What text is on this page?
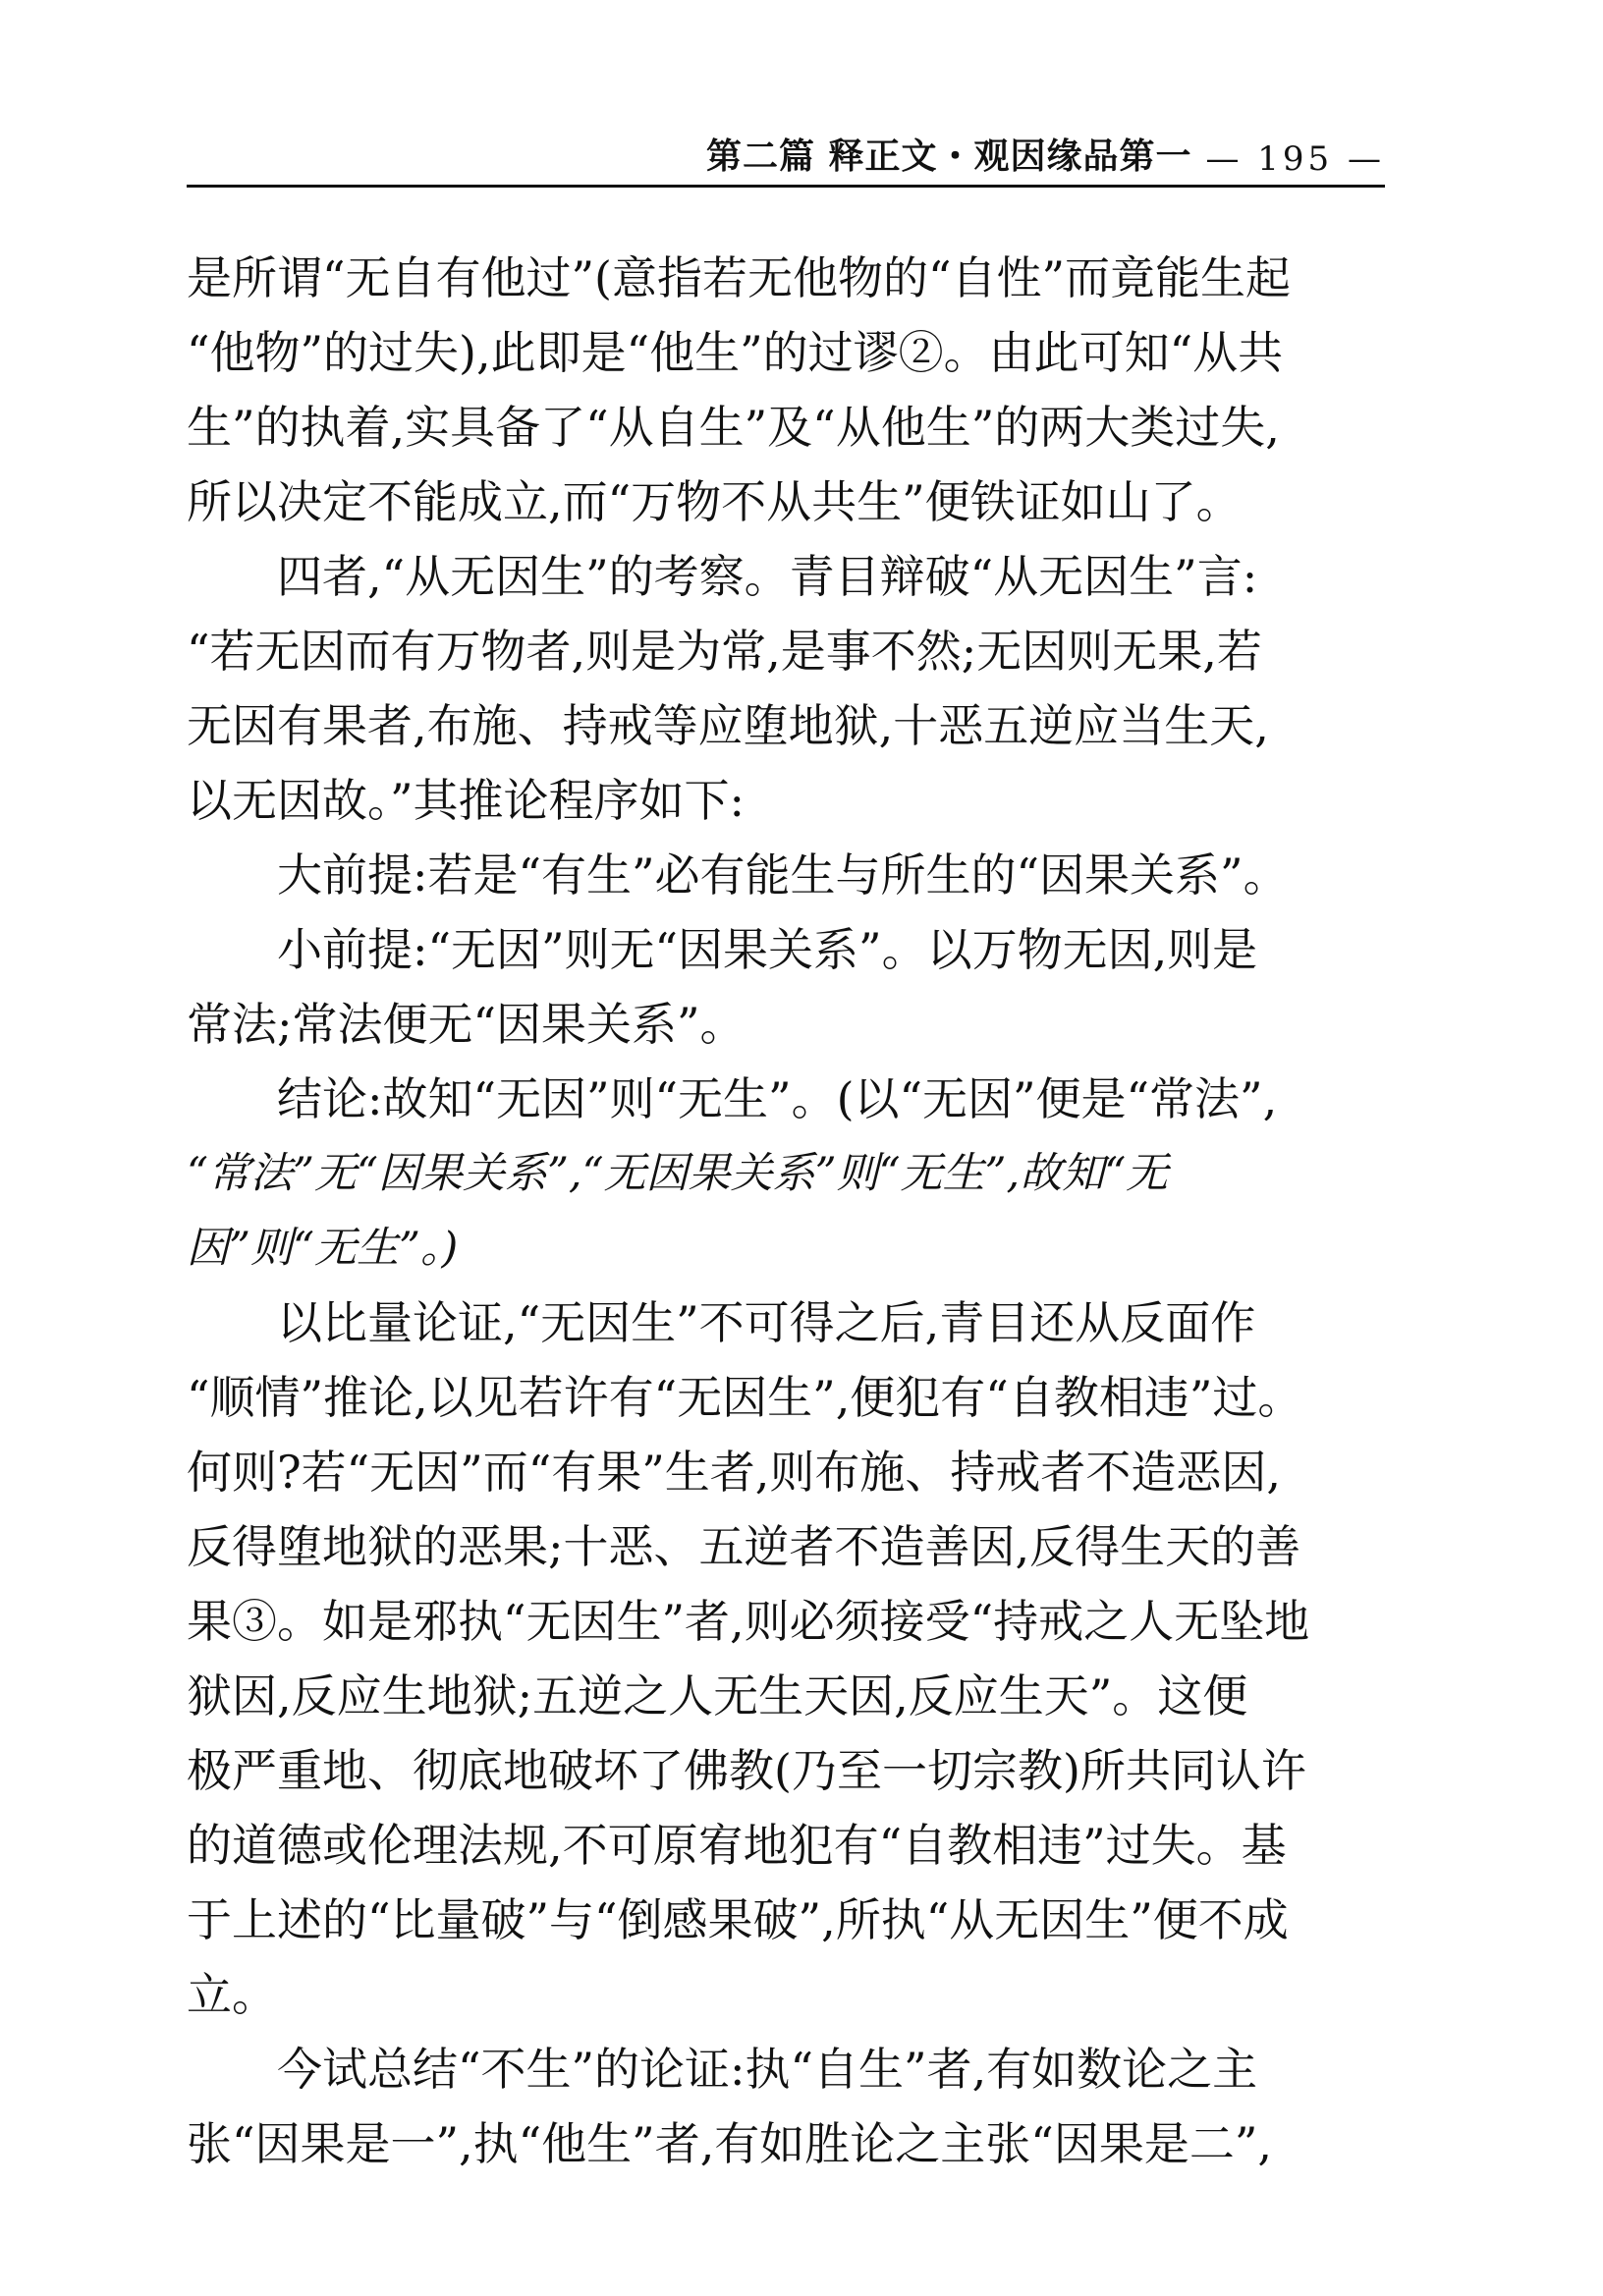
第二篇 释正文・观因缘品第一 — 195 —
是所谓“无自有他过”(意指若无他物的“自性”而竟能生起
“他物”的过失),此即是“他生”的过谬②。由此可知“从共
生”的执着,实具备了“从自生”及“从他生”的两大类过失,
所以决定不能成立,而“万物不从共生”便铁证如山了。
四者,“从无因生”的考察。青目辩破“从无因生”言:
“若无因而有万物者,则是为常,是事不然;无因则无果,若
无因有果者,布施、持戒等应堕地狱,十恶五逆应当生天,
以无因故。”其推论程序如下:
大前提:若是“有生”必有能生与所生的“因果关系”。
小前提:“无因”则无“因果关系”。以万物无因,则是
常法;常法便无“因果关系”。
结论:故知“无因”则“无生”。(以“无因”便是“常法”,
“常法”无“因果关系”,“无因果关系”则“无生”,故知“无
因”则“无生”。)
以比量论证,“无因生”不可得之后,青目还从反面作
“顺情”推论,以见若许有“无因生”,便犯有“自教相违”过。
何则?若“无因”而“有果”生者,则布施、持戒者不造恶因,
反得堕地狱的恶果;十恶、五逆者不造善因,反得生天的善
果③。如是邪执“无因生”者,则必须接受“持戒之人无坠地
狱因,反应生地狱;五逆之人无生天因,反应生天”。这便
极严重地、彻底地破坏了佛教(乃至一切宗教)所共同认许
的道德或伦理法规,不可原宥地犯有“自教相违”过失。基
于上述的“比量破”与“倒感果破”,所执“从无因生”便不成
立。
今试总结“不生”的论证:执“自生”者,有如数论之主
张“因果是一”,执“他生”者,有如胜论之主张“因果是二”,
